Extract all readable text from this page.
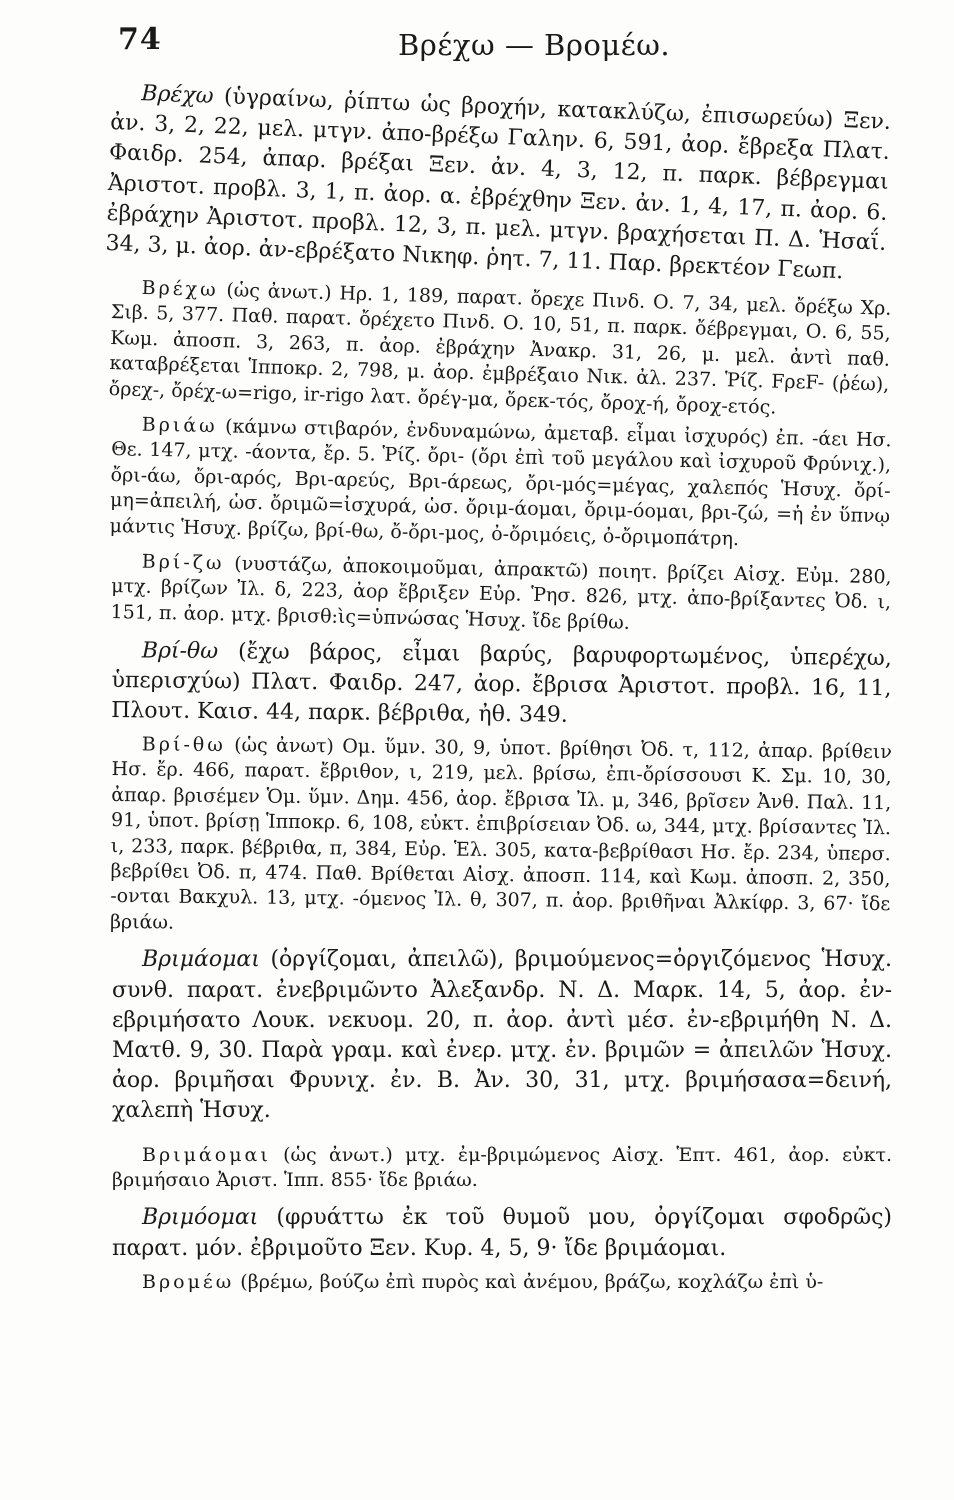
74	Βρέχω — Βρομέω.

Βρέχω (ὑγραίνω, ῥίπτω ὡς βροχήν, κατακλύζω, ἐπισωρεύω) Ξεν. ἀν. 3, 2, 22, μελ. μτγν. ἀπο-βρέξω Γαλην. 6, 591, ἀορ. ἔβρεξα Πλατ. Φαιδρ. 254, ἀπαρ. βρέξαι Ξεν. ἀν. 4, 3, 12, π. παρκ. βέβρεγμαι Ἀριστοτ. προβλ. 3, 1, π. ἀορ. α. ἐβρέχθην Ξεν. ἀν. 1, 4, 17, π. ἀορ. 6. ἐβράχην Ἀριστοτ. προβλ. 12, 3, π. μελ. μτγν. βραχήσεται Π. Δ. Ἡσαΐ. 34, 3, μ. ἀορ. ἀν-εβρέξατο Νικηφ. ῥητ. 7, 11. Παρ. βρεκτέον Γεωπ.

Βρέχω (ὡς ἀνωτ.) Ηρ. 1, 189, παρατ. ὄρεχε Πινδ. Ο. 7, 34, μελ. ὄρέξω Χρ. Σιβ. 5, 377. Παθ. παρατ. ὄρέχετο Πινδ. Ο. 10, 51, π. παρκ. ὄέβρεγμαι, Ο. 6, 55, Κωμ. ἀποσπ. 3, 263, π. ἀορ. ἐβράχην Ἀνακρ. 31, 26, μ. μελ. ἀντὶ παθ. καταβρέξεται Ἱπποκρ. 2, 798, μ. ἀορ. ἐμβρέξαιο Νικ. ἀλ. 237. Ῥίζ. FρεF- (ῥέω), ὄρεχ-, ὄρέχ-ω=rigo, ir-rigo λατ. ὄρέγ-μα, ὄρεκ-τός, ὄροχ-ή, ὄροχ-ετός.

Βριάω (κάμνω στιβαρόν, ἐνδυναμώνω, ἀμεταβ. εἶμαι ἰσχυρός) ἐπ. -άει Ησ. Θε. 147, μτχ. -άοντα, ἔρ. 5. Ῥίζ. ὄρι- (ὄρι ἐπὶ τοῦ μεγάλου καὶ ἰσχυροῦ Φρύνιχ.), ὄρι-άω, ὄρι-αρός, Βρι-αρεύς, Βρι-άρεως, ὄρι-μός=μέγας, χαλεπός Ἡσυχ. ὄρί-μη=ἀπειλή, ὡσ. ὄριμῶ=ἰσχυρά, ὡσ. ὄριμ-άομαι, ὄριμ-όομαι, βρι-ζώ, =ἡ ἐν ὕπνῳ μάντις Ἡσυχ. βρίζω, βρί-θω, ὄ-ὄρι-μος, ὀ-ὄριμόεις, ὀ-ὄριμοπάτρη.

Βρί-ζω (νυστάζω, ἀποκοιμοῦμαι, ἀπρακτῶ) ποιητ. βρίζει Αἰσχ. Εὐμ. 280, μτχ. βρίζων Ἰλ. δ, 223, ἀορ ἔβριξεν Εὐρ. Ῥησ. 826, μτχ. ἀπο-βρίξαντες Ὀδ. ι, 151, π. ἀορ. μτχ. βρισθ:ὶς=ὑπνώσας Ἡσυχ. ἴδε βρίθω.

Βρί-θω (ἔχω βάρος, εἶμαι βαρύς, βαρυφορτωμένος, ὑπερέχω, ὑπερισχύω) Πλατ. Φαιδρ. 247, ἀορ. ἔβρισα Ἀριστοτ. προβλ. 16, 11, Πλουτ. Καισ. 44, παρκ. βέβριθα, ἠθ. 349.

Βρί-θω (ὡς ἀνωτ) Ομ. ὕμν. 30, 9, ὑποτ. βρίθησι Ὀδ. τ, 112, ἀπαρ. βρίθειν Ησ. ἔρ. 466, παρατ. ἔβριθον, ι, 219, μελ. βρίσω, ἐπι-ὄρίσσουσι Κ. Σμ. 10, 30, ἀπαρ. βρισέμεν Ὁμ. ὕμν. Δημ. 456, ἀορ. ἔβρισα Ἰλ. μ, 346, βρῖσεν Ἀνθ. Παλ. 11, 91, ὑποτ. βρίσῃ Ἱπποκρ. 6, 108, εὐκτ. ἐπιβρίσειαν Ὀδ. ω, 344, μτχ. βρίσαντες Ἰλ. ι, 233, παρκ. βέβριθα, π, 384, Εὐρ. Ἑλ. 305, κατα-βεβρίθασι Ησ. ἔρ. 234, ὑπερσ. βεβρίθει Ὀδ. π, 474. Παθ. Βρίθεται Αἰσχ. ἀποσπ. 114, καὶ Κωμ. ἀποσπ. 2, 350, -ονται Βακχυλ. 13, μτχ. -όμενος Ἰλ. θ, 307, π. ἀορ. βριθῆναι Ἀλκίφρ. 3, 67· ἴδε βριάω.

Βριμάομαι (ὀργίζομαι, ἀπειλῶ), βριμούμενος=ὀργιζόμενος Ἡσυχ. συνθ. παρατ. ἐνεβριμῶντο Ἀλεξανδρ. Ν. Δ. Μαρκ. 14, 5, ἀορ. ἐν-εβριμήσατο Λουκ. νεκυομ. 20, π. ἀορ. ἀντὶ μέσ. ἐν-εβριμήθη Ν. Δ. Ματθ. 9, 30. Παρὰ γραμ. καὶ ἐνερ. μτχ. ἐν. βριμῶν = ἀπειλῶν Ἡσυχ. ἀορ. βριμῆσαι Φρυνιχ. ἐν. Β. Ἀν. 30, 31, μτχ. βριμήσασα=δεινή, χαλεπὴ Ἡσυχ.

Βριμάομαι (ὡς ἀνωτ.) μτχ. ἐμ-βριμώμενος Αἰσχ. Ἑπτ. 461, ἀορ. εὐκτ. βριμήσαιο Ἀριστ. Ἱππ. 855· ἴδε βριάω.

Βριμόομαι (φρυάττω ἐκ τοῦ θυμοῦ μου, ὀργίζομαι σφοδρῶς) παρατ. μόν. ἐβριμοῦτο Ξεν. Κυρ. 4, 5, 9· ἴδε βριμάομαι.

Βρομέω (βρέμω, βούζω ἐπὶ πυρὸς καὶ ἀνέμου, βράζω, κοχλάζω ἐπὶ ὑ-
